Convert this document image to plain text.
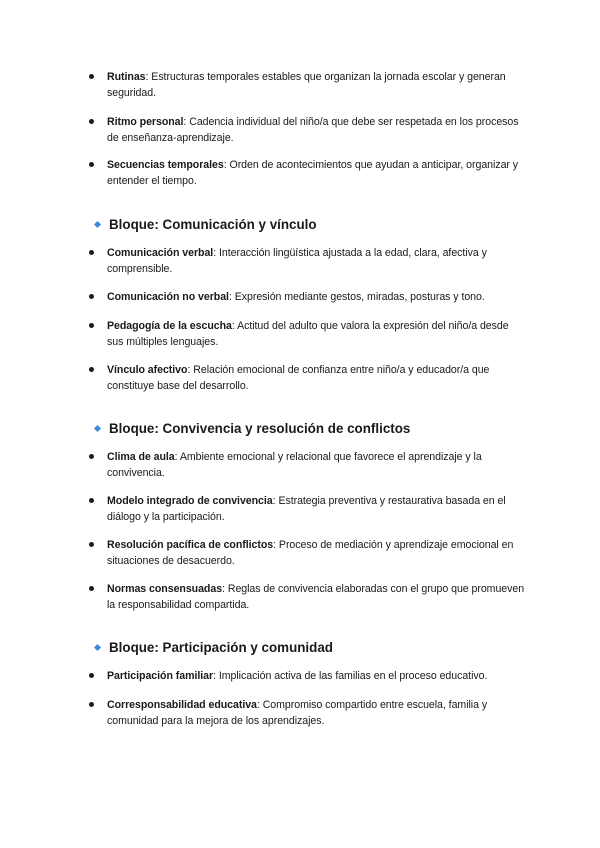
Rutinas: Estructuras temporales estables que organizan la jornada escolar y generan seguridad.
Ritmo personal: Cadencia individual del niño/a que debe ser respetada en los procesos de enseñanza-aprendizaje.
Secuencias temporales: Orden de acontecimientos que ayudan a anticipar, organizar y entender el tiempo.
Bloque: Comunicación y vínculo
Comunicación verbal: Interacción lingüística ajustada a la edad, clara, afectiva y comprensible.
Comunicación no verbal: Expresión mediante gestos, miradas, posturas y tono.
Pedagogía de la escucha: Actitud del adulto que valora la expresión del niño/a desde sus múltiples lenguajes.
Vínculo afectivo: Relación emocional de confianza entre niño/a y educador/a que constituye base del desarrollo.
Bloque: Convivencia y resolución de conflictos
Clima de aula: Ambiente emocional y relacional que favorece el aprendizaje y la convivencia.
Modelo integrado de convivencia: Estrategia preventiva y restaurativa basada en el diálogo y la participación.
Resolución pacífica de conflictos: Proceso de mediación y aprendizaje emocional en situaciones de desacuerdo.
Normas consensuadas: Reglas de convivencia elaboradas con el grupo que promueven la responsabilidad compartida.
Bloque: Participación y comunidad
Participación familiar: Implicación activa de las familias en el proceso educativo.
Corresponsabilidad educativa: Compromiso compartido entre escuela, familia y comunidad para la mejora de los aprendizajes.
